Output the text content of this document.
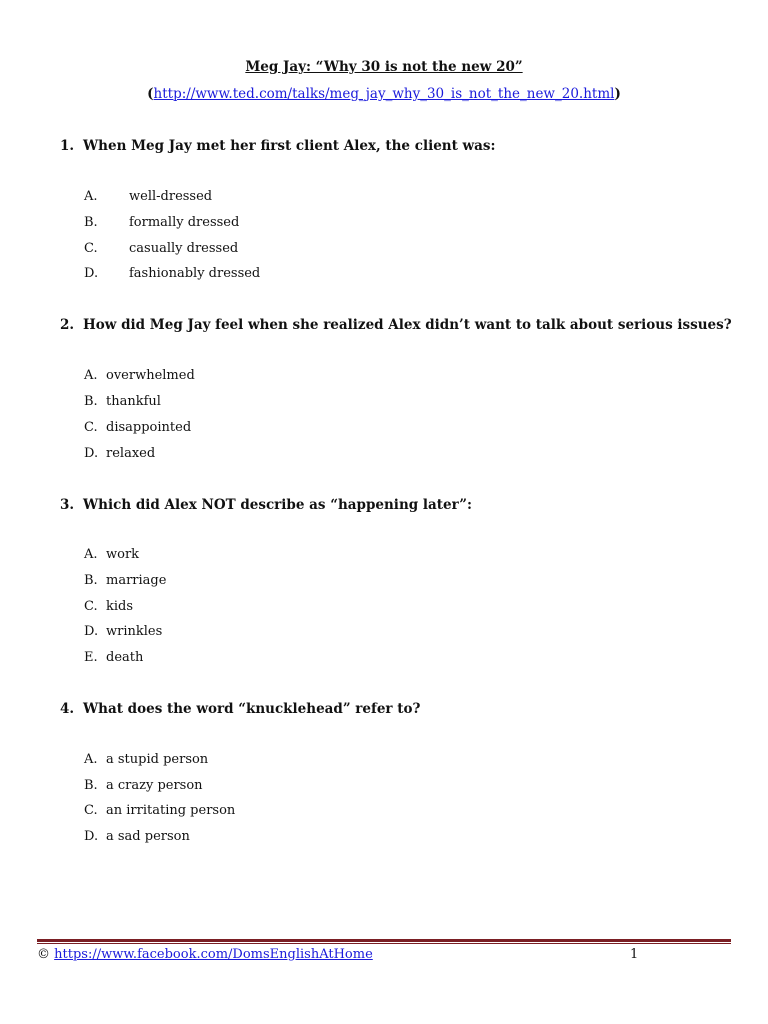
Meg Jay: “Why 30 is not the new 20”
(http://www.ted.com/talks/meg_jay_why_30_is_not_the_new_20.html)
1. When Meg Jay met her first client Alex, the client was:
A. well-dressed
B. formally dressed
C. casually dressed
D. fashionably dressed
2. How did Meg Jay feel when she realized Alex didn’t want to talk about serious issues?
A. overwhelmed
B. thankful
C. disappointed
D. relaxed
3. Which did Alex NOT describe as “happening later”:
A. work
B. marriage
C. kids
D. wrinkles
E. death
4. What does the word “knucklehead” refer to?
A. a stupid person
B. a crazy person
C. an irritating person
D. a sad person
© https://www.facebook.com/DomsEnglishAtHome	1
